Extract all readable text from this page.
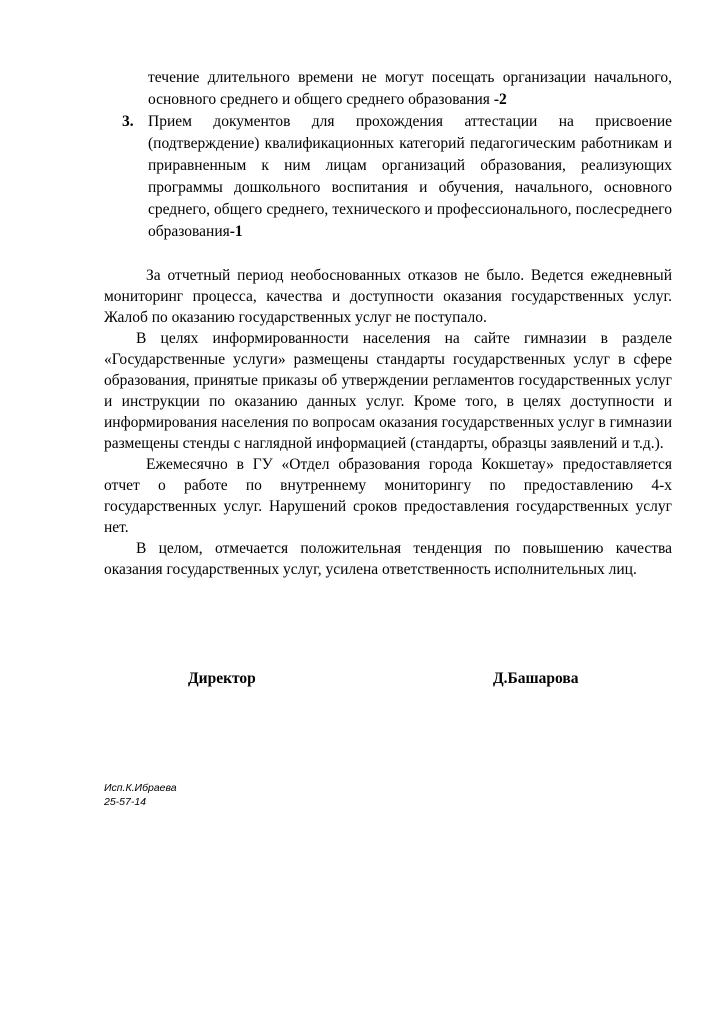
течение длительного времени не могут посещать организации начального, основного среднего и общего среднего образования -2
3. Прием документов для прохождения аттестации на присвоение (подтверждение) квалификационных категорий педагогическим работникам и приравненным к ним лицам организаций образования, реализующих программы дошкольного воспитания и обучения, начального, основного среднего, общего среднего, технического и профессионального, послесреднего образования-1

За отчетный период необоснованных отказов не было. Ведется ежедневный мониторинг процесса, качества и доступности оказания государственных услуг. Жалоб по оказанию государственных услуг не поступало.

В целях информированности населения на сайте гимназии в разделе «Государственные услуги» размещены стандарты государственных услуг в сфере образования, принятые приказы об утверждении регламентов государственных услуг и инструкции по оказанию данных услуг. Кроме того, в целях доступности и информирования населения по вопросам оказания государственных услуг в гимназии размещены стенды с наглядной информацией (стандарты, образцы заявлений и т.д.).

Ежемесячно в ГУ «Отдел образования города Кокшетау» предоставляется отчет о работе по внутреннему мониторингу по предоставлению 4-х государственных услуг. Нарушений сроков предоставления государственных услуг нет.

В целом, отмечается положительная тенденция по повышению качества оказания государственных услуг, усилена ответственность исполнительных лиц.

Директор	Д.Башарова
Исп.К.Ибраева
25-57-14
